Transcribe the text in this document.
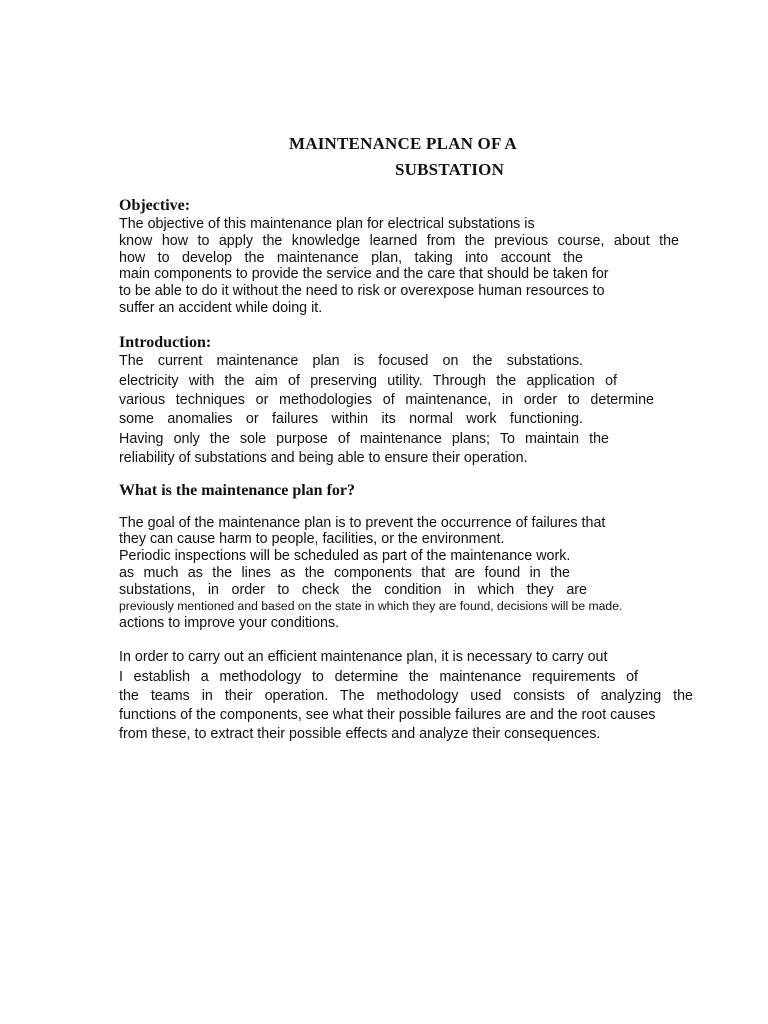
MAINTENANCE PLAN OF A
SUBSTATION
Objective:

The objective of this maintenance plan for electrical substations is

know how to apply the knowledge learned from the previous course, about the

how to develop the maintenance plan, taking into account the

main components to provide the service and the care that should be taken for

to be able to do it without the need to risk or overexpose human resources to

suffer an accident while doing it.

Introduction:

The current maintenance plan is focused on the substations.

electricity with the aim of preserving utility. Through the application of

various techniques or methodologies of maintenance, in order to determine

some anomalies or failures within its normal work functioning.

Having only the sole purpose of maintenance plans; To maintain the

reliability of substations and being able to ensure their operation.

What is the maintenance plan for?

The goal of the maintenance plan is to prevent the occurrence of failures that

they can cause harm to people, facilities, or the environment.

Periodic inspections will be scheduled as part of the maintenance work.

as much as the lines as the components that are found in the

substations, in order to check the condition in which they are

previously mentioned and based on the state in which they are found, decisions will be made.

actions to improve your conditions.

In order to carry out an efficient maintenance plan, it is necessary to carry out

I establish a methodology to determine the maintenance requirements of

the teams in their operation. The methodology used consists of analyzing the

functions of the components, see what their possible failures are and the root causes

from these, to extract their possible effects and analyze their consequences.
